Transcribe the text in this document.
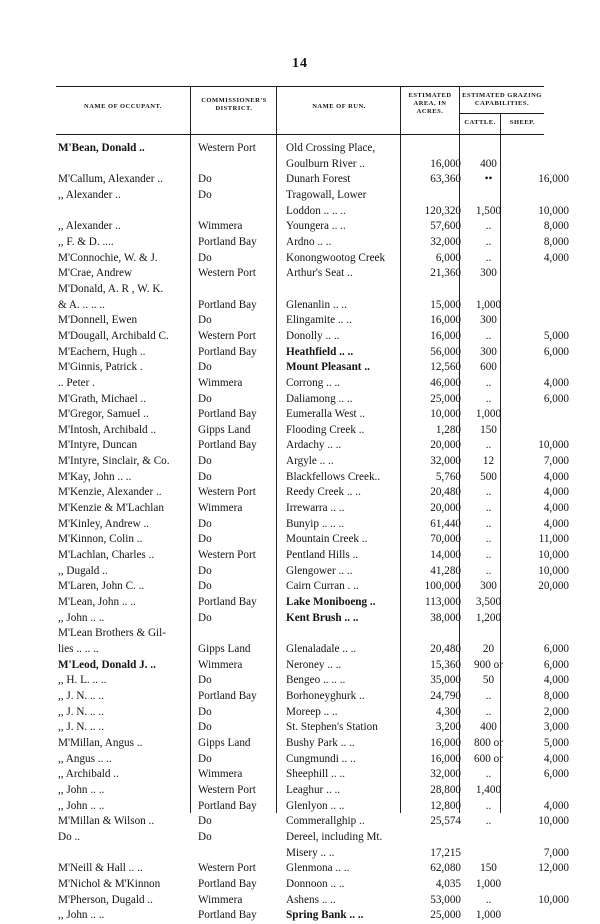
14
NAME OF OCCUPANT.
COMMISSIONER'S DISTRICT.	NAME OF RUN.
ESTIMATED AREA, IN ACRES.
ESTIMATED GRAZING CAPABILITIES.
CATTLE.	SHEEP.
M'Bean, Donald ..	Western Port	Old Crossing Place,			
		Goulburn River ..	16,000	400	
M'Callum, Alexander ..	Do	Dunarh Forest	63,360	••	16,000
,, Alexander ..	Do	Tragowall, Lower			
		Loddon .. .. ..	120,320	1,500	10,000
,, Alexander ..	Wimmera	Youngera .. ..	57,600	..	8,000
,, F. & D. ....	Portland Bay	Ardno .. ..	32,000	..	8,000
M'Connochie, W. & J.	Do	Konongwootog Creek	6,000	..	4,000
M'Crae, Andrew	Western Port	Arthur's Seat ..	21,360	300	
M'Donald, A. R , W. K.					
& A. .. .. ..	Portland Bay	Glenanlin .. ..	15,000	1,000	
M'Donnell, Ewen	Do	Elingamite .. ..	16,000	300	
M'Dougall, Archibald C.	Western Port	Donolly .. ..	16,000	..	5,000
M'Eachern, Hugh ..	Portland Bay	Heathfield .. ..	56,000	300	6,000
M'Ginnis, Patrick .	Do	Mount Pleasant ..	12,560	600	
.. Peter .	Wimmera	Corrong .. ..	46,000	..	4,000
M'Grath, Michael ..	Do	Daliamong .. ..	25,000	..	6,000
M'Gregor, Samuel ..	Portland Bay	Eumeralla West ..	10,000	1,000	
M'Intosh, Archibald ..	Gipps Land	Flooding Creek ..	1,280	150	
M'Intyre, Duncan	Portland Bay	Ardachy .. ..	20,000	..	10,000
M'Intyre, Sinclair, & Co.	Do	Argyle .. ..	32,000	12	7,000
M'Kay, John .. ..	Do	Blackfellows Creek..	5,760	500	4,000
M'Kenzie, Alexander ..	Western Port	Reedy Creek .. ..	20,480	..	4,000
M'Kenzie & M'Lachlan	Wimmera	Irrewarra .. ..	20,000	..	4,000
M'Kinley, Andrew ..	Do	Bunyip .. .. ..	61,440	..	4,000
M'Kinnon, Colin ..	Do	Mountain Creek ..	70,000	..	11,000
M'Lachlan, Charles ..	Western Port	Pentland Hills ..	14,000	..	10,000
,, Dugald ..	Do	Glengower .. ..	41,280	..	10,000
M'Laren, John C. ..	Do	Cairn Curran . ..	100,000	300	20,000
M'Lean, John .. ..	Portland Bay	Lake Moniboeng ..	113,000	3,500	
,, John .. ..	Do	Kent Brush .. ..	38,000	1,200	
M'Lean Brothers & Gil-					
lies .. .. ..	Gipps Land	Glenaladale .. ..	20,480	20	6,000
M'Leod, Donald J. ..	Wimmera	Neroney .. ..	15,360	900 or	6,000
,, H. L. .. ..	Do	Bengeo .. .. ..	35,000	50	4,000
,, J. N. .. ..	Portland Bay	Borhoneyghurk ..	24,790	..	8,000
,, J. N. .. ..	Do	Moreep .. ..	4,300	..	2,000
,, J. N. .. ..	Do	St. Stephen's Station	3,200	400	3,000
M'Millan, Angus ..	Gipps Land	Bushy Park .. ..	16,000	800 or	5,000
,, Angus .. ..	Do	Cungmundi .. ..	16,000	600 or	4,000
,, Archibald ..	Wimmera	Sheephill .. ..	32,000	..	6,000
,, John .. ..	Western Port	Leaghur .. ..	28,800	1,400	
,, John .. ..	Portland Bay	Glenlyon .. ..	12,800	..	4,000
M'Millan & Wilson ..	Do	Commerallghip ..	25,574	..	10,000
Do ..	Do	Dereel, including Mt.			
		Misery .. ..	17,215		7,000
M'Neill & Hall .. ..	Western Port	Glenmona .. ..	62,080	150	12,000
M'Nichol & M'Kinnon	Portland Bay	Donnoon .. ..	4,035	1,000	
M'Pherson, Dugald ..	Wimmera	Ashens .. ..	53,000	..	10,000
,, John .. ..	Portland Bay	Spring Bank .. ..	25,000	1,000	
